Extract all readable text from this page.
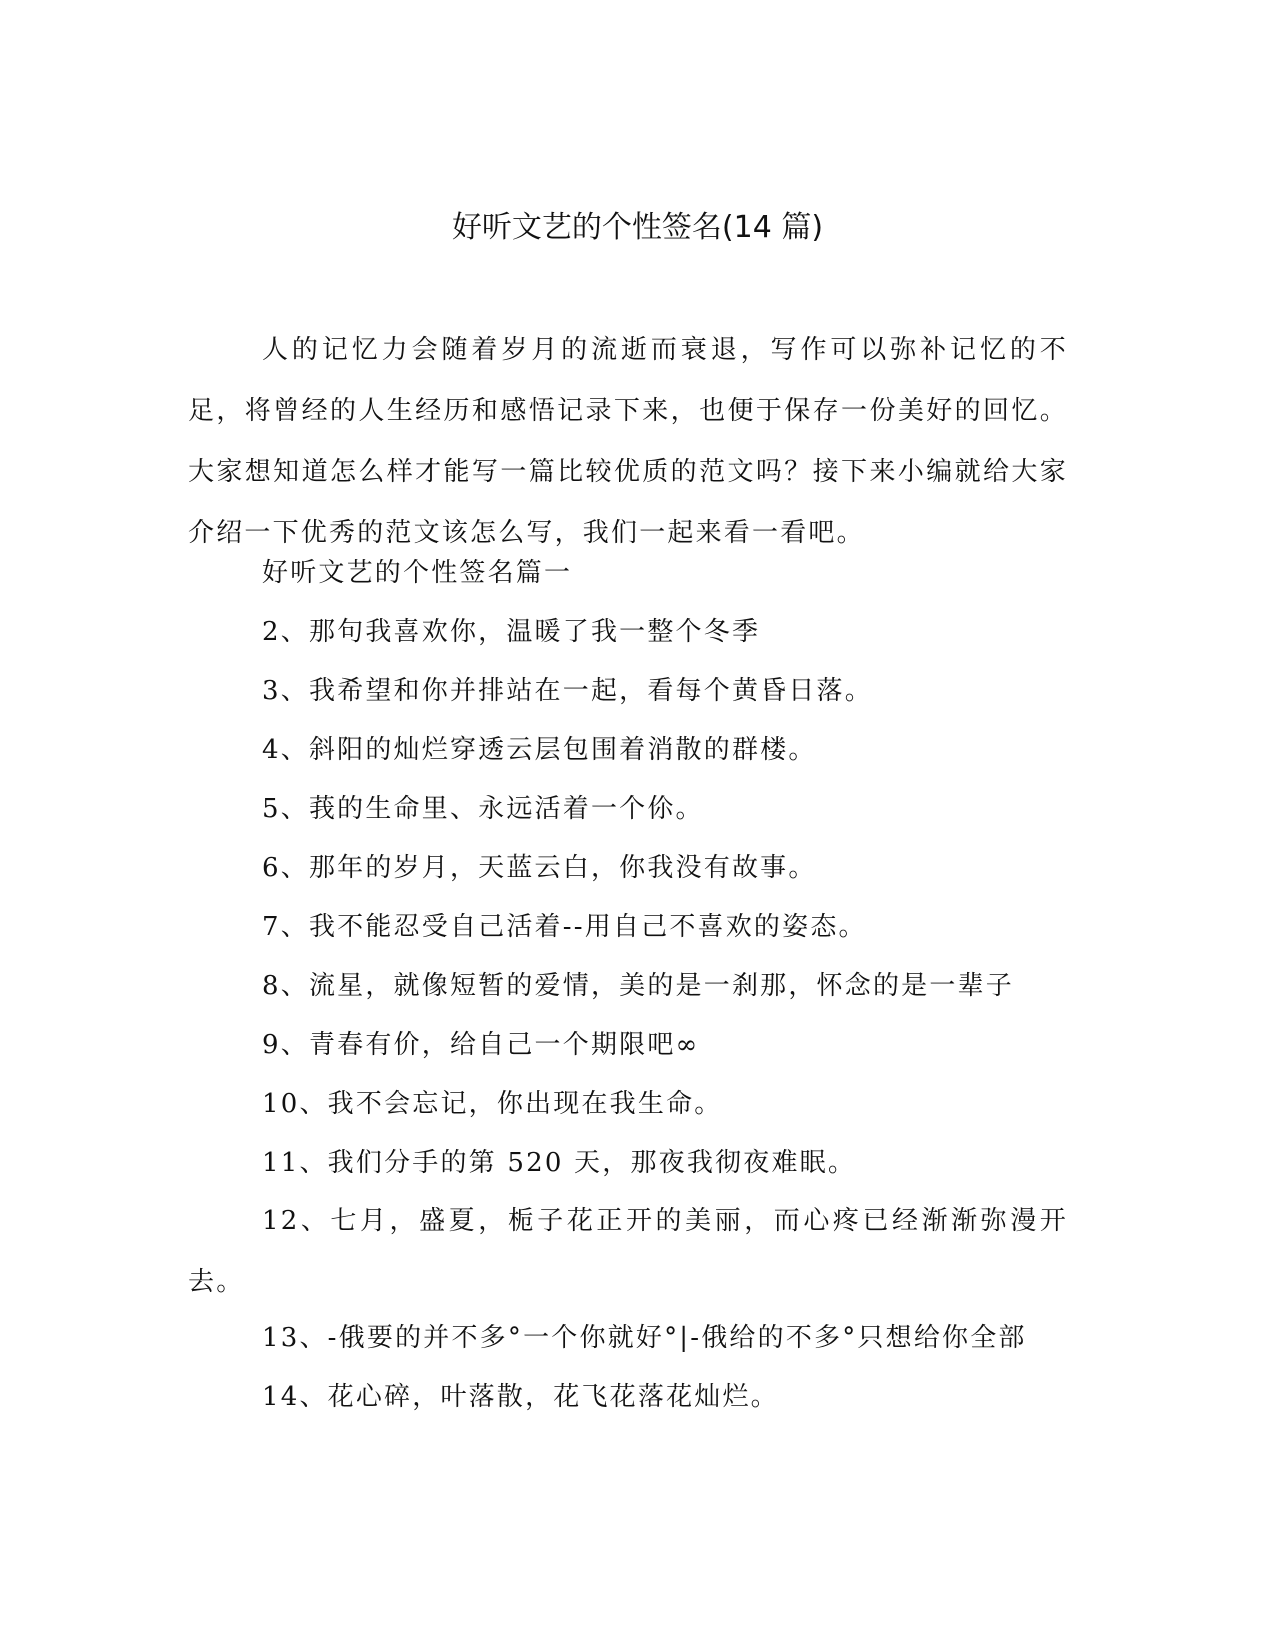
好听文艺的个性签名(14 篇)

人的记忆力会随着岁月的流逝而衰退，写作可以弥补记忆的不足，将曾经的人生经历和感悟记录下来，也便于保存一份美好的回忆。大家想知道怎么样才能写一篇比较优质的范文吗？接下来小编就给大家介绍一下优秀的范文该怎么写，我们一起来看一看吧。

好听文艺的个性签名篇一
2、那句我喜欢你，温暖了我一整个冬季
3、我希望和你并排站在一起，看每个黄昏日落。
4、斜阳的灿烂穿透云层包围着消散的群楼。
5、莪的生命里、永远活着一个伱。
6、那年的岁月，天蓝云白，你我没有故事。
7、我不能忍受自己活着--用自己不喜欢的姿态。
8、流星，就像短暂的爱情，美的是一刹那，怀念的是一辈子
9、青春有价，给自己一个期限吧∞
10、我不会忘记，你出现在我生命。
11、我们分手的第 520 天，那夜我彻夜难眠。
12、七月，盛夏，栀子花正开的美丽，而心疼已经渐渐弥漫开去。
13、-俄要的并不多°一个你就好°|-俄给的不多°只想给你全部
14、花心碎，叶落散，花飞花落花灿烂。
